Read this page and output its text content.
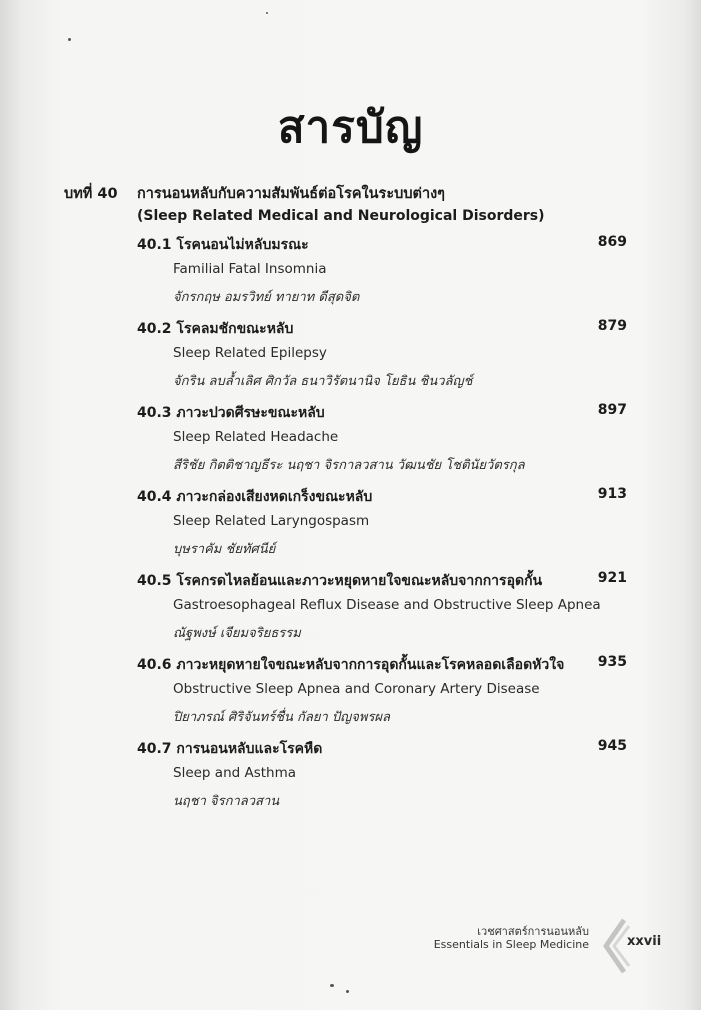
สารบัญ
บทที่ 40 การนอนหลับกับความสัมพันธ์ต่อโรคในระบบต่างๆ
(Sleep Related Medical and Neurological Disorders)
40.1 โรคนอนไม่หลับมรณะ	869
Familial Fatal Insomnia
จักรกฤษ อมรวิทย์ ทายาท ดีสุดจิต
40.2 โรคลมชักขณะหลับ	879
Sleep Related Epilepsy
จักริน ลบล้ำเลิศ ศิกวัล ธนาวิรัตนานิจ โยธิน ชินวลัญช์
40.3 ภาวะปวดศีรษะขณะหลับ	897
Sleep Related Headache
สีริชัย กิตติชาญธีระ นฤชา จิรกาลวสาน วัฒนชัย โชตินัยวัตรกุล
40.4 ภาวะกล่องเสียงหดเกร็งขณะหลับ	913
Sleep Related Laryngospasm
บุษราคัม ชัยทัศนีย์
40.5 โรคกรดไหลย้อนและภาวะหยุดหายใจขณะหลับจากการอุดกั้น	921
Gastroesophageal Reflux Disease and Obstructive Sleep Apnea
ณัฐพงษ์ เจียมจริยธรรม
40.6 ภาวะหยุดหายใจขณะหลับจากการอุดกั้นและโรคหลอดเลือดหัวใจ 935
Obstructive Sleep Apnea and Coronary Artery Disease
ปิยาภรณ์ ศิริจันทร์ชื่น กัลยา ปัญจพรผล
40.7 การนอนหลับและโรคหืด	945
Sleep and Asthma
นฤชา จิรกาลวสาน
เวชศาสตร์การนอนหลับ
Essentials in Sleep Medicine	xxvii
